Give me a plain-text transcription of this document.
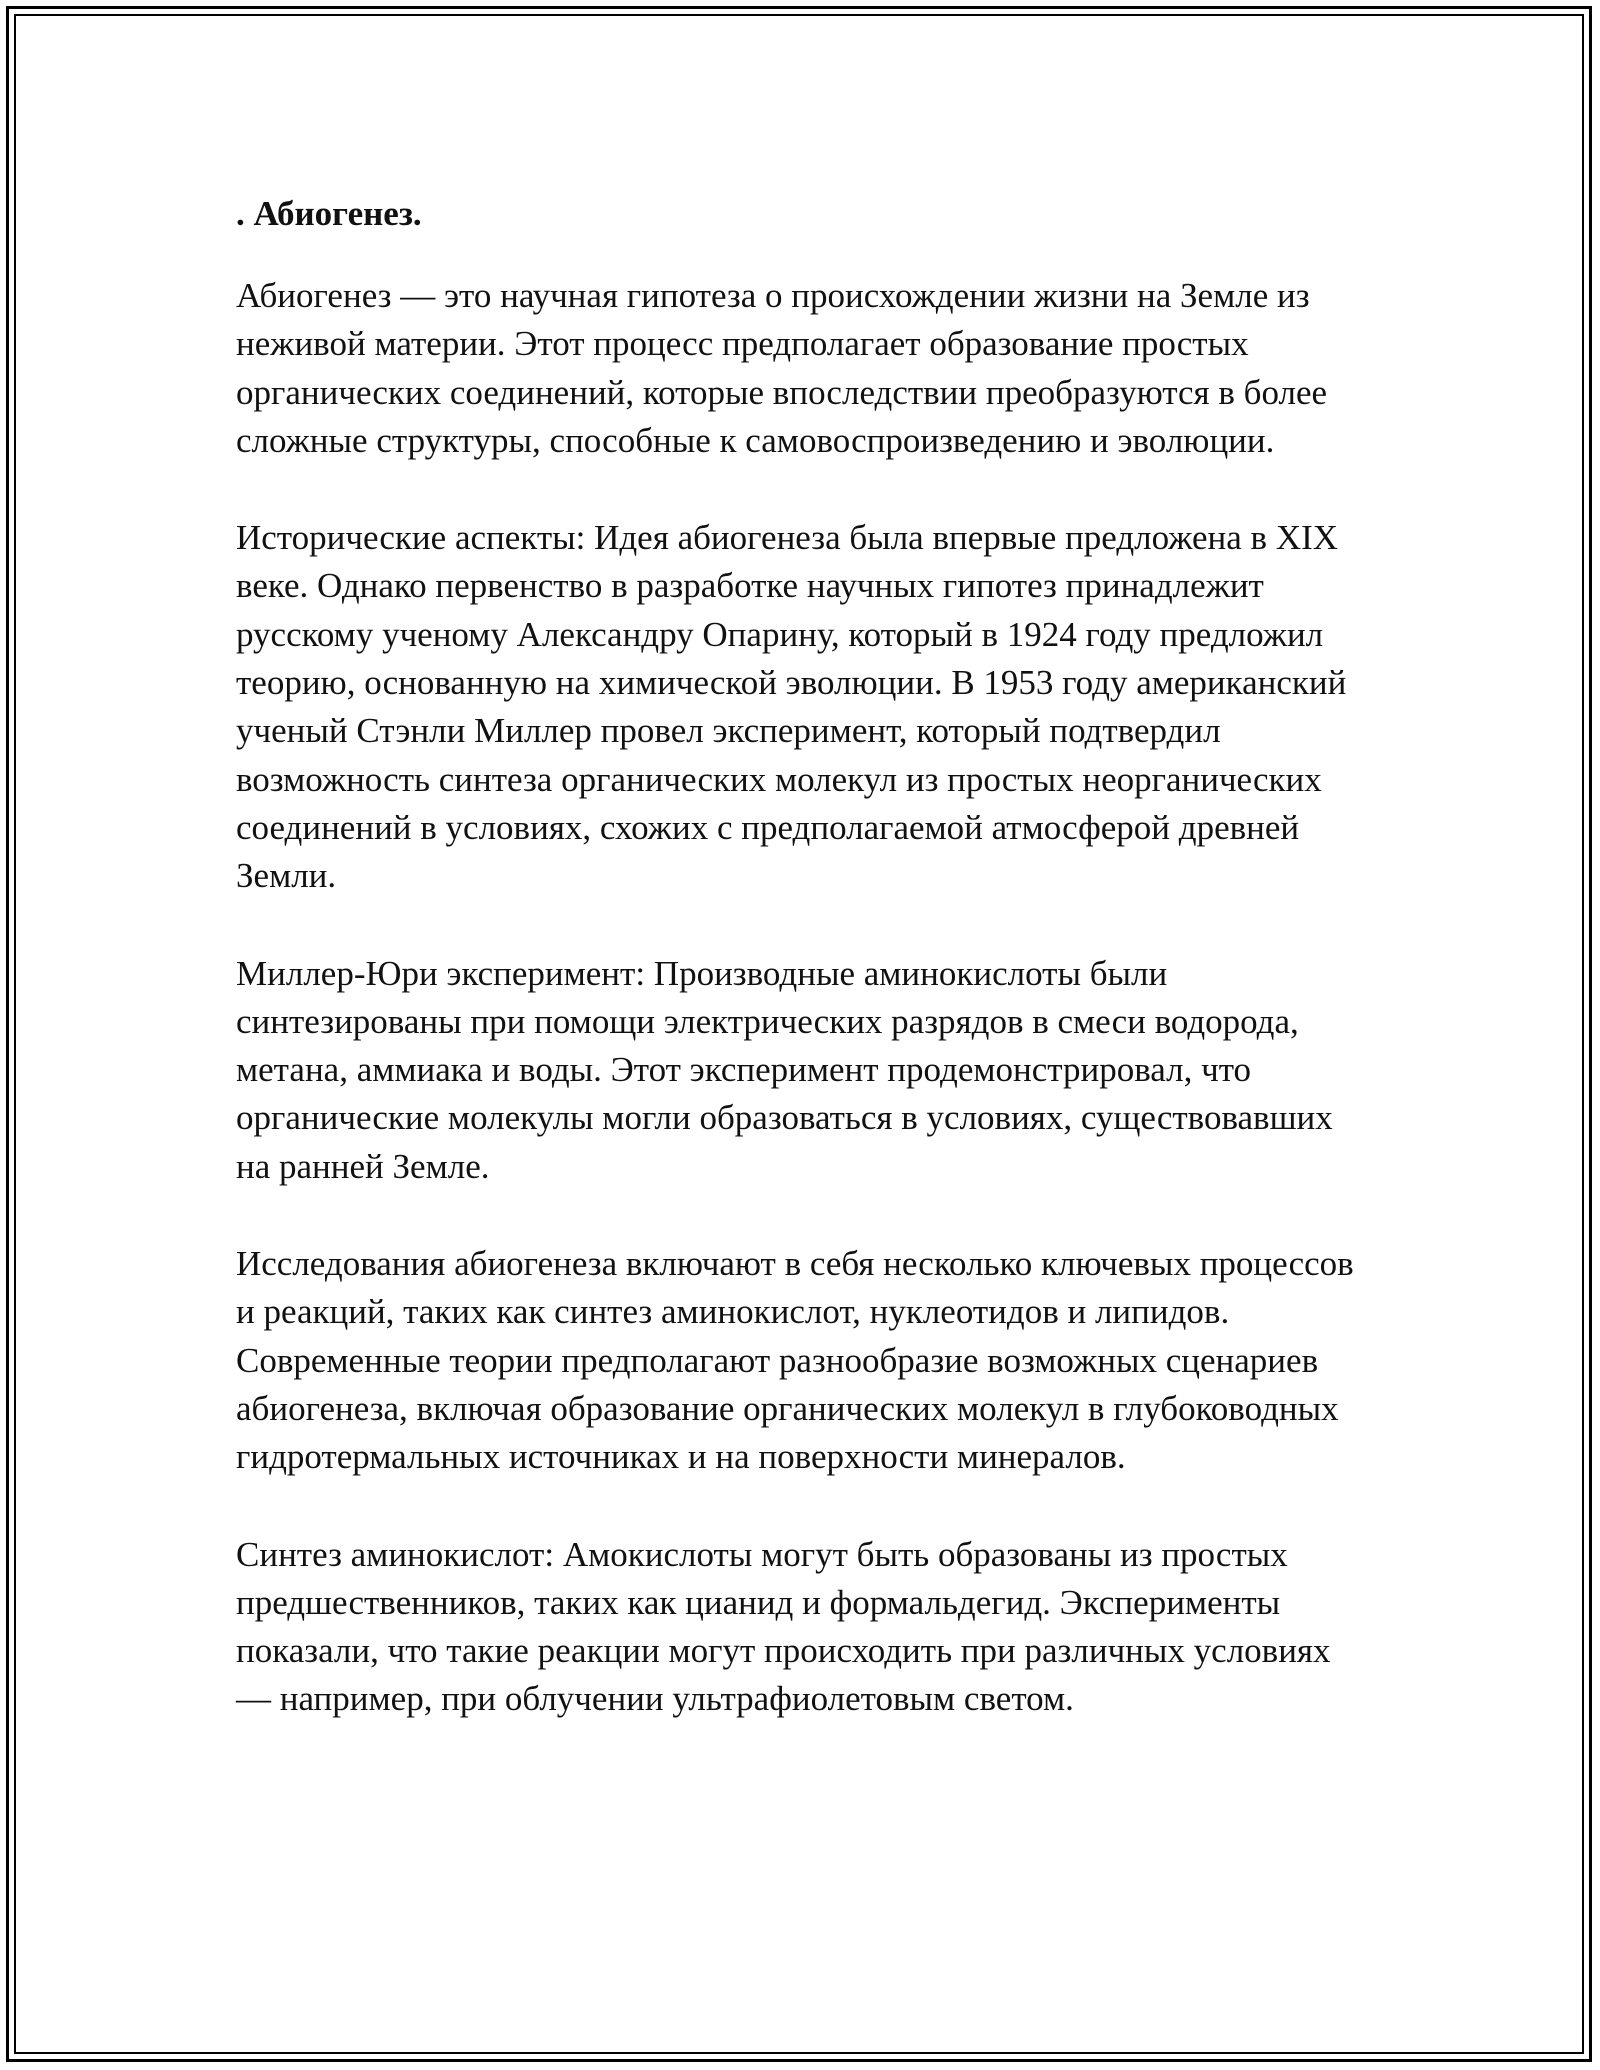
. Абиогенез.

Абиогенез — это научная гипотеза о происхождении жизни на Земле из неживой материи. Этот процесс предполагает образование простых органических соединений, которые впоследствии преобразуются в более сложные структуры, способные к самовоспроизведению и эволюции.

Исторические аспекты: Идея абиогенеза была впервые предложена в XIX веке. Однако первенство в разработке научных гипотез принадлежит русскому ученому Александру Опарину, который в 1924 году предложил теорию, основанную на химической эволюции. В 1953 году американский ученый Стэнли Миллер провел эксперимент, который подтвердил возможность синтеза органических молекул из простых неорганических соединений в условиях, схожих с предполагаемой атмосферой древней Земли.

Миллер-Юри эксперимент: Производные аминокислоты были синтезированы при помощи электрических разрядов в смеси водорода, метана, аммиака и воды. Этот эксперимент продемонстрировал, что органические молекулы могли образоваться в условиях, существовавших на ранней Земле.

Исследования абиогенеза включают в себя несколько ключевых процессов и реакций, таких как синтез аминокислот, нуклеотидов и липидов. Современные теории предполагают разнообразие возможных сценариев абиогенеза, включая образование органических молекул в глубоководных гидротермальных источниках и на поверхности минералов.

Синтез аминокислот: Амокислоты могут быть образованы из простых предшественников, таких как цианид и формальдегид. Эксперименты показали, что такие реакции могут происходить при различных условиях — например, при облучении ультрафиолетовым светом.
